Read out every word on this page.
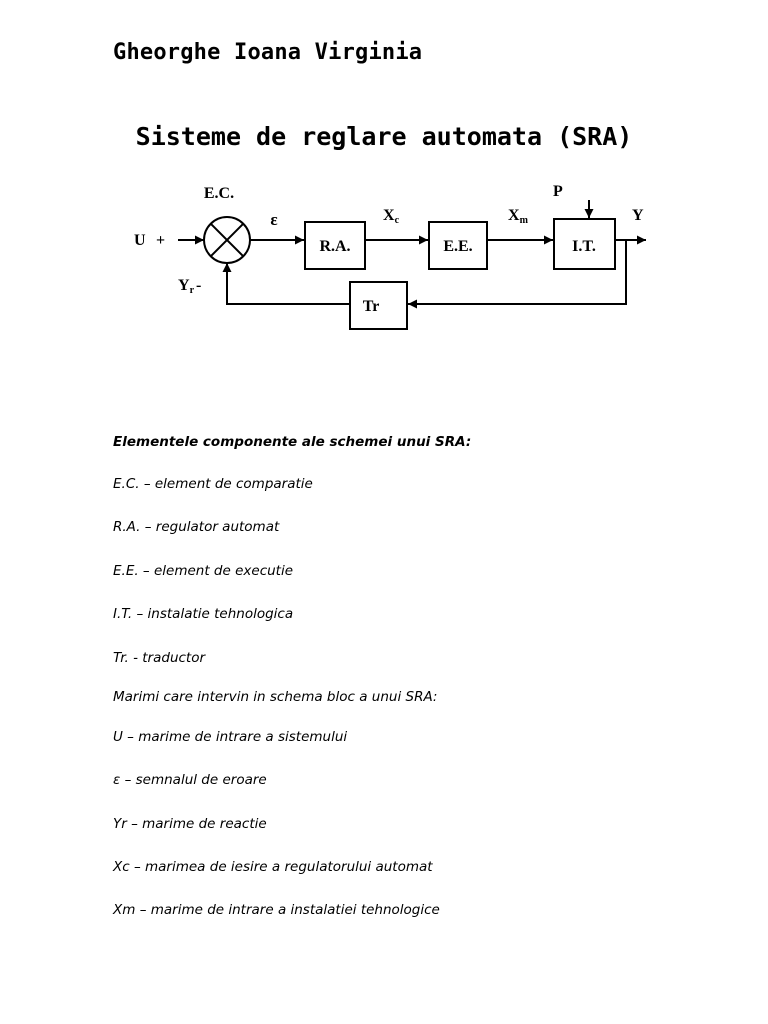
Gheorghe Ioana Virginia
Sisteme de reglare automata (SRA)
R.A.	E.E.	I.T.
Tr
E.C.
U +
ε	Xc	Xm
P
Y
Yr -
Elementele componente ale schemei unui SRA:
E.C. – element de comparatie
R.A. – regulator automat
E.E. – element de executie
I.T. – instalatie tehnologica
Tr. - traductor
Marimi care intervin in schema bloc a unui SRA:
U – marime de intrare a sistemului
ε – semnalul de eroare
Yr – marime de reactie
Xc – marimea de iesire a regulatorului automat
Xm – marime de intrare a instalatiei tehnologice
